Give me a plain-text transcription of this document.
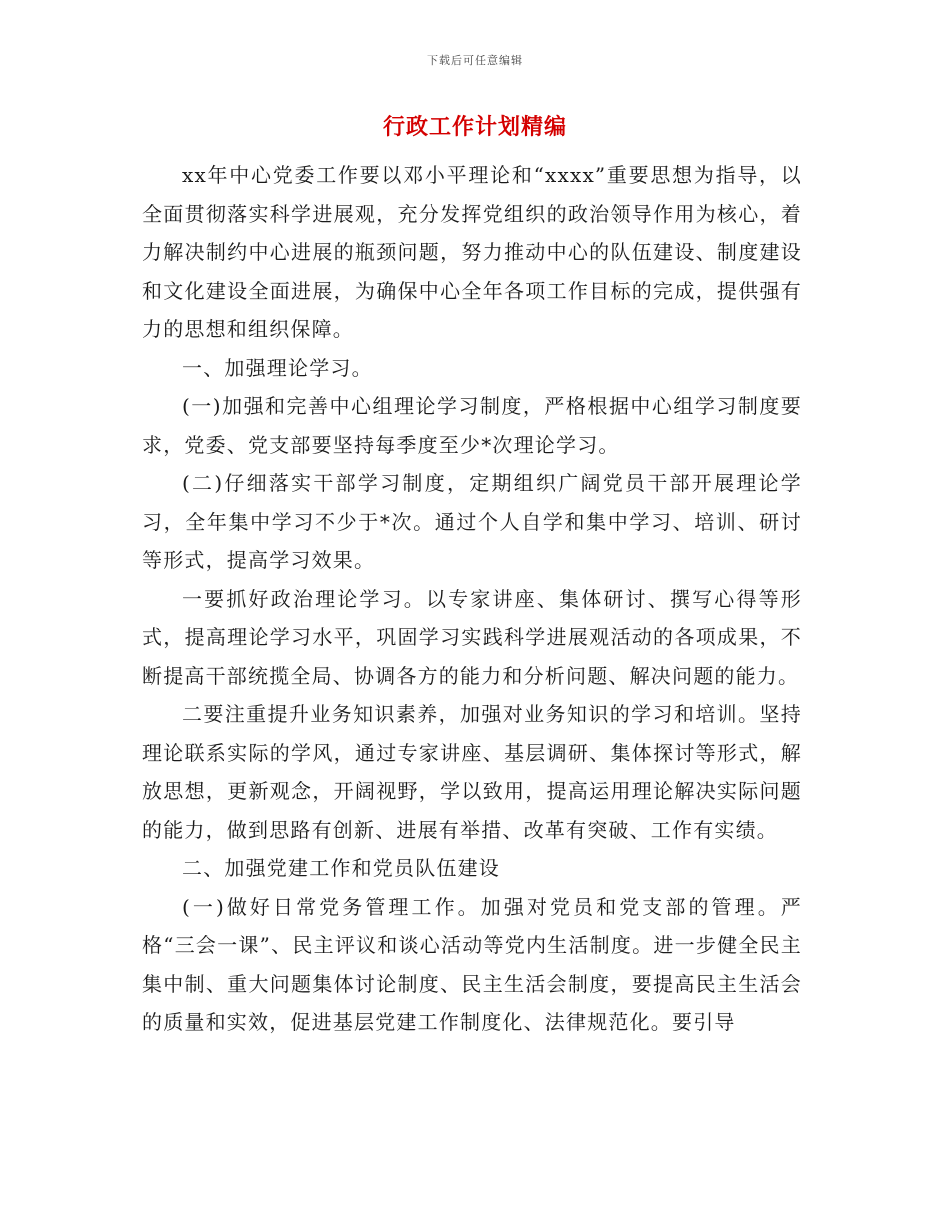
下载后可任意编辑
行政工作计划精编

xx年中心党委工作要以邓小平理论和“xxxx”重要思想为指导，以全面贯彻落实科学进展观，充分发挥党组织的政治领导作用为核心，着力解决制约中心进展的瓶颈问题，努力推动中心的队伍建设、制度建设和文化建设全面进展，为确保中心全年各项工作目标的完成，提供强有力的思想和组织保障。

一、加强理论学习。

(一)加强和完善中心组理论学习制度，严格根据中心组学习制度要求，党委、党支部要坚持每季度至少*次理论学习。

(二)仔细落实干部学习制度，定期组织广阔党员干部开展理论学习，全年集中学习不少于*次。通过个人自学和集中学习、培训、研讨等形式，提高学习效果。

一要抓好政治理论学习。以专家讲座、集体研讨、撰写心得等形式，提高理论学习水平，巩固学习实践科学进展观活动的各项成果，不断提高干部统揽全局、协调各方的能力和分析问题、解决问题的能力。

二要注重提升业务知识素养，加强对业务知识的学习和培训。坚持理论联系实际的学风，通过专家讲座、基层调研、集体探讨等形式，解放思想，更新观念，开阔视野，学以致用，提高运用理论解决实际问题的能力，做到思路有创新、进展有举措、改革有突破、工作有实绩。

二、加强党建工作和党员队伍建设

(一)做好日常党务管理工作。加强对党员和党支部的管理。严格“三会一课”、民主评议和谈心活动等党内生活制度。进一步健全民主集中制、重大问题集体讨论制度、民主生活会制度，要提高民主生活会的质量和实效，促进基层党建工作制度化、法律规范化。要引导
